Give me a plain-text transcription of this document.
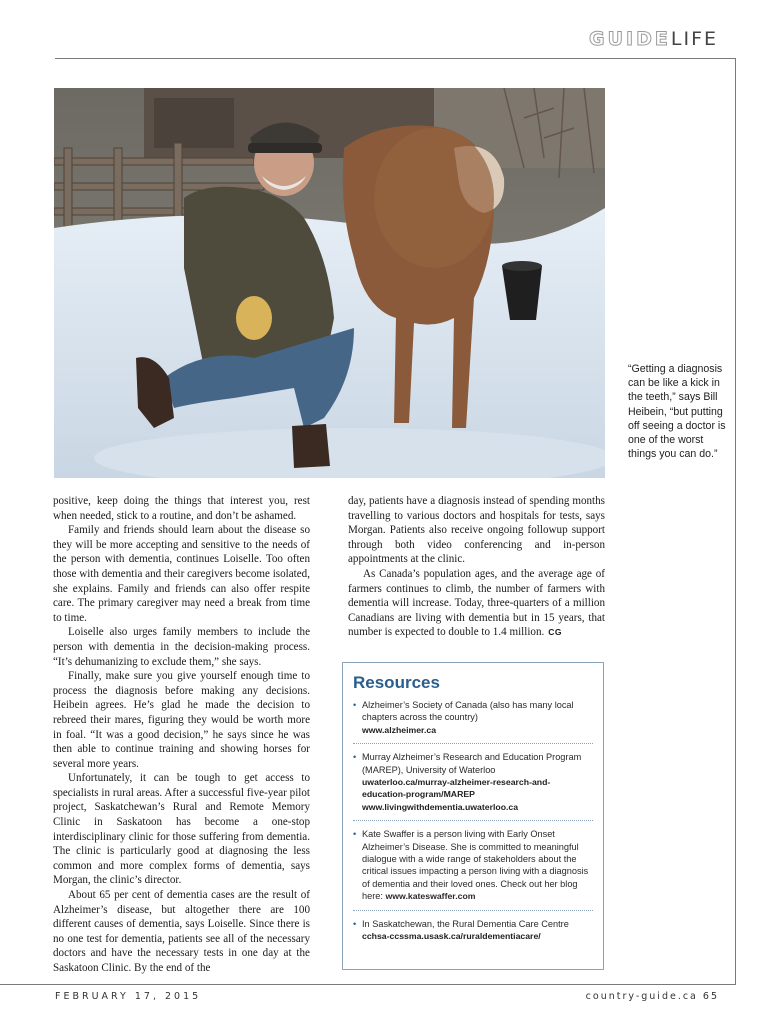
GUIDELIFE
“Getting a diagnosis can be like a kick in the teeth,” says Bill Heibein, “but putting off seeing a doctor is one of the worst things you can do.”

positive, keep doing the things that interest you, rest when needed, stick to a routine, and don’t be ashamed.

Family and friends should learn about the disease so they will be more accepting and sensitive to the needs of the person with dementia, continues Loiselle. Too often those with dementia and their caregivers become isolated, she explains. Family and friends can also offer respite care. The primary caregiver may need a break from time to time.

Loiselle also urges family members to include the person with dementia in the decision-making process. “It’s dehumanizing to exclude them,” she says.

Finally, make sure you give yourself enough time to process the diagnosis before making any decisions. Heibein agrees. He’s glad he made the decision to rebreed their mares, figuring they would be worth more in foal. “It was a good decision,” he says since he was then able to continue training and showing horses for several more years.

Unfortunately, it can be tough to get access to specialists in rural areas. After a successful five-year pilot project, Saskatchewan’s Rural and Remote Memory Clinic in Saskatoon has become a one-stop interdisciplinary clinic for those suffering from dementia. The clinic is particularly good at diagnosing the less common and more complex forms of dementia, says Morgan, the clinic’s director.

About 65 per cent of dementia cases are the result of Alzheimer’s disease, but altogether there are 100 different causes of dementia, says Loiselle. Since there is no one test for dementia, patients see all of the necessary doctors and have the necessary tests in one day at the Saskatoon Clinic. By the end of the

day, patients have a diagnosis instead of spending months travelling to various doctors and hospitals for tests, says Morgan. Patients also receive ongoing followup support through both video conferencing and in-person appointments at the clinic.

As Canada’s population ages, and the average age of farmers continues to climb, the number of farmers with dementia will increase. Today, three-quarters of a million Canadians are living with dementia but in 15 years, that number is expected to double to 1.4 million. CG

Resources
• Alzheimer’s Society of Canada (also has many local chapters across the country)
www.alzheimer.ca
• Murray Alzheimer’s Research and Education Program (MAREP), University of Waterloo
uwaterloo.ca/murray-alzheimer-research-and-education-program/MAREP
www.livingwithdementia.uwaterloo.ca
• Kate Swaffer is a person living with Early Onset Alzheimer’s Disease. She is committed to meaningful dialogue with a wide range of stakeholders about the critical issues impacting a person living with a diagnosis of dementia and their loved ones. Check out her blog here: www.kateswaffer.com
• In Saskatchewan, the Rural Dementia Care Centre
cchsa-ccssma.usask.ca/ruraldementiacare/
FEBRUARY 17, 2015	country-guide.ca 65
